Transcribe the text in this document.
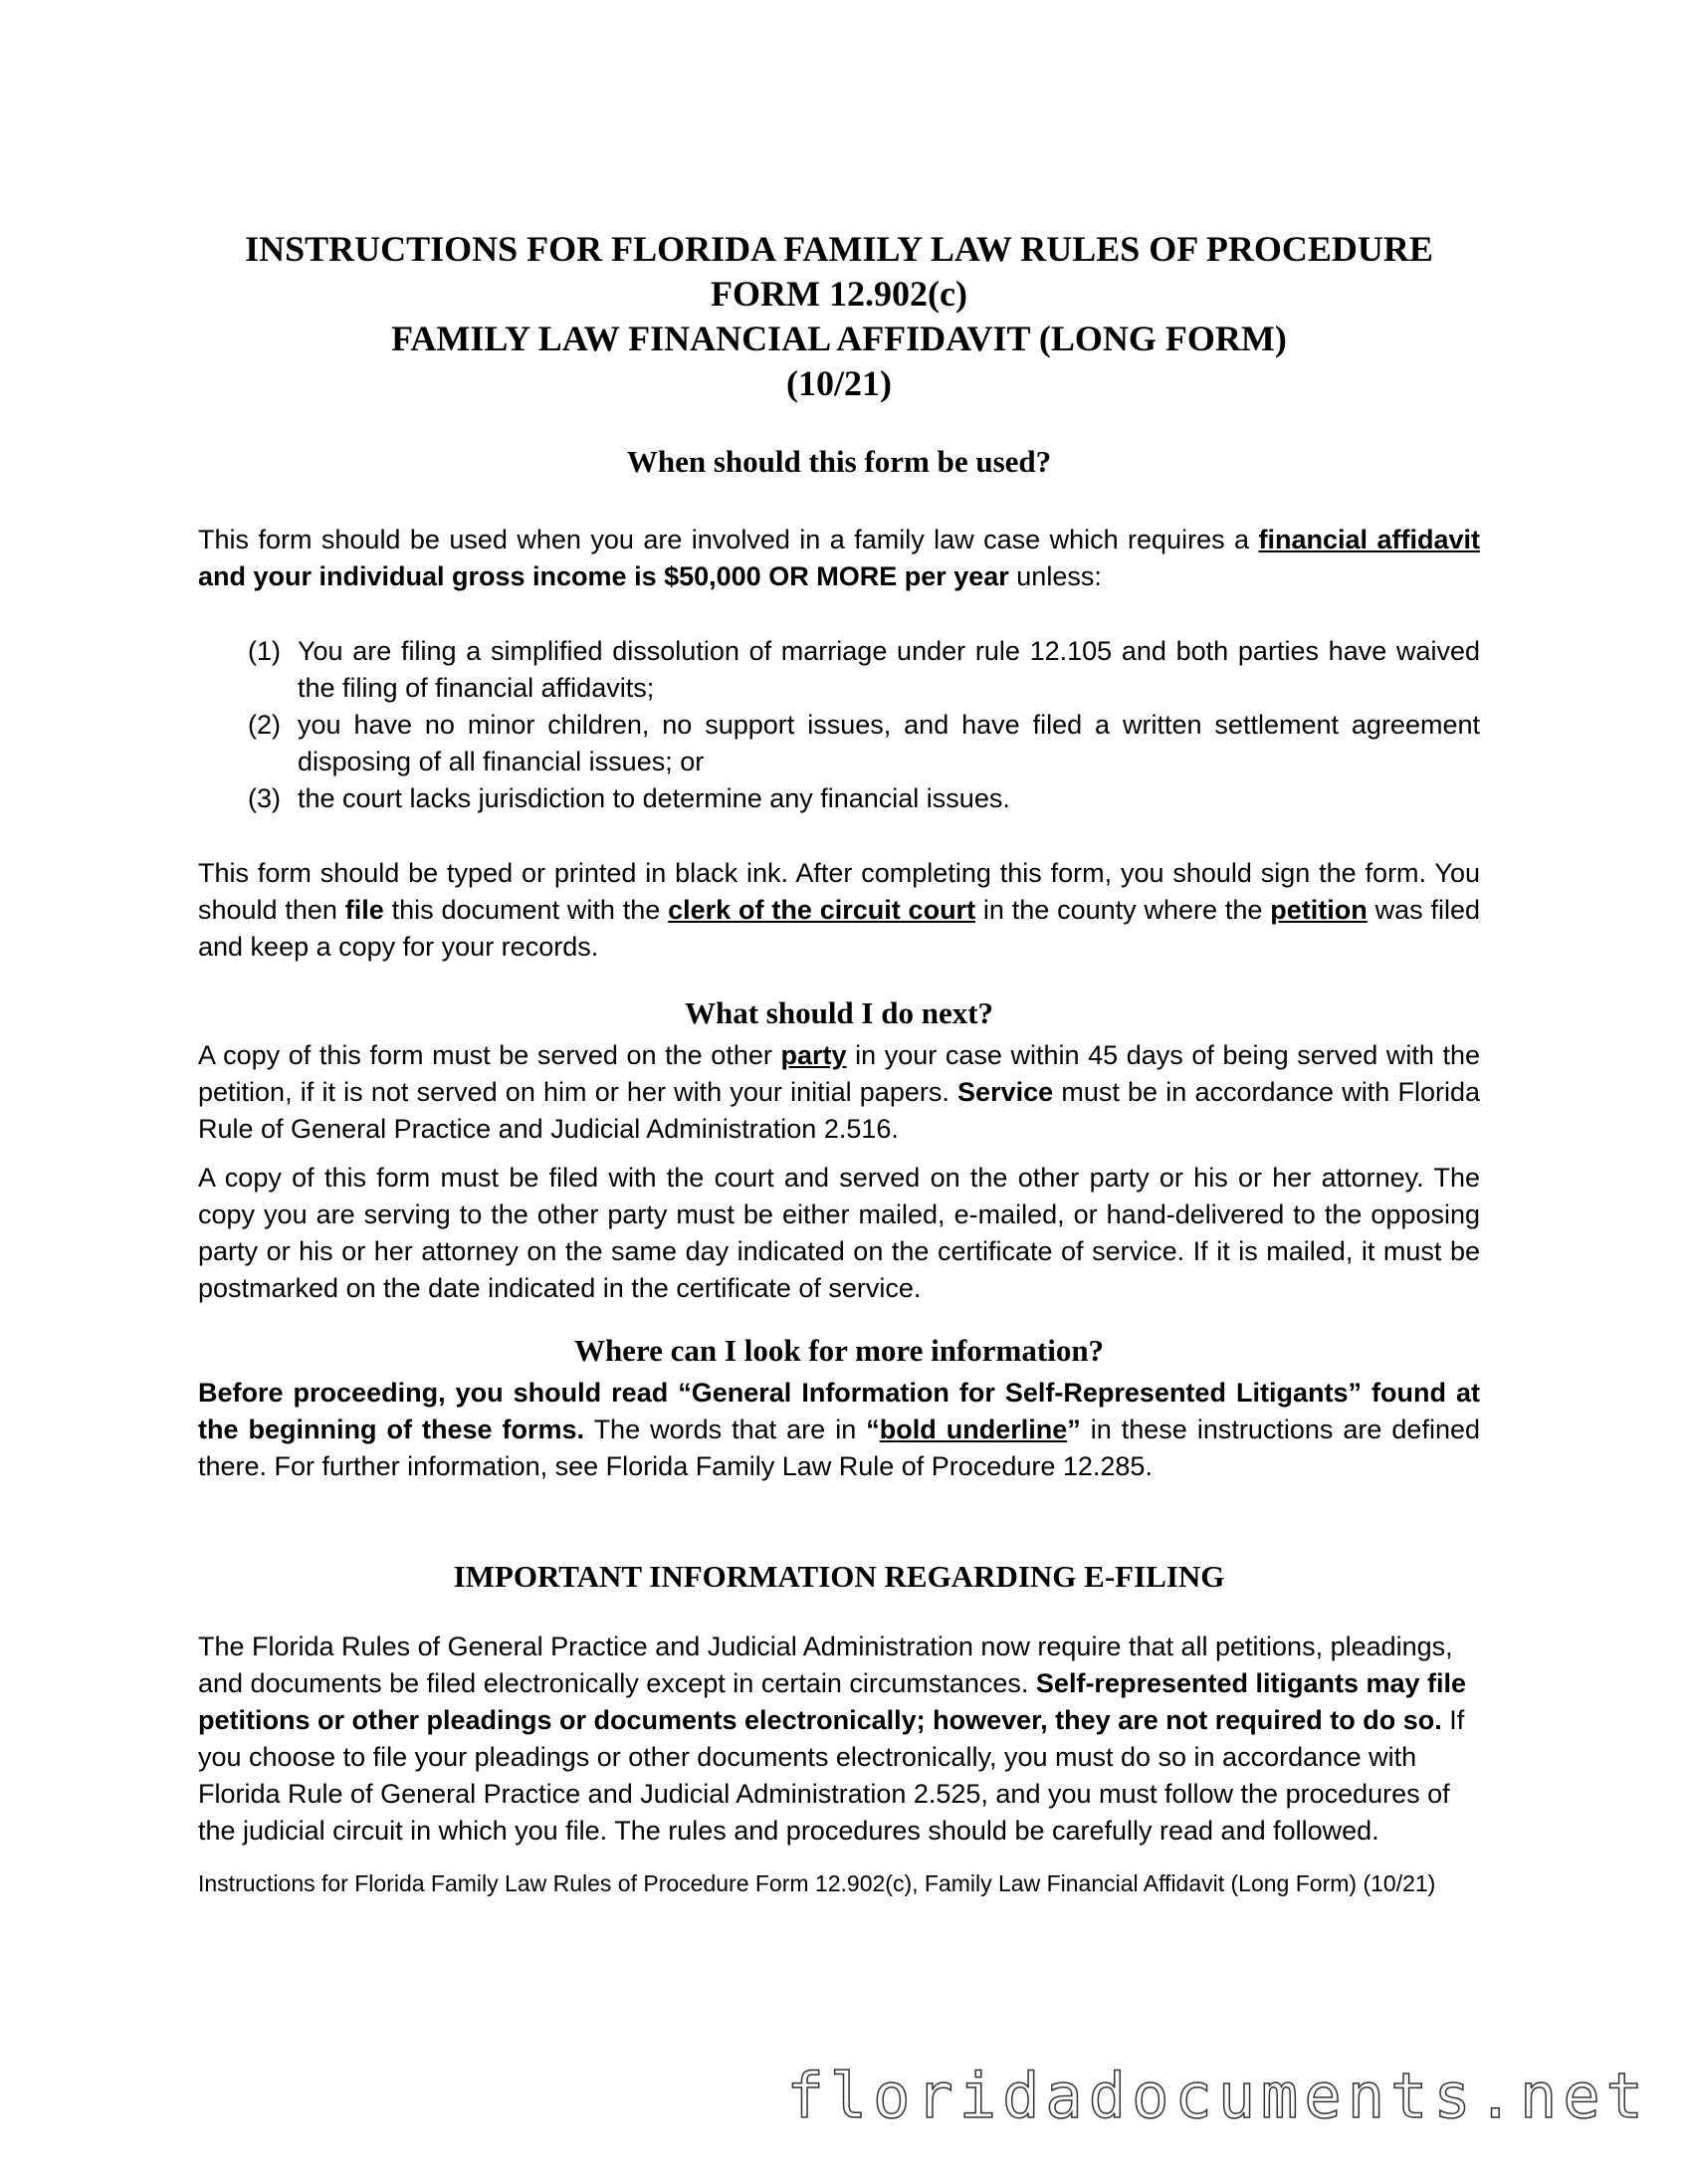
INSTRUCTIONS FOR FLORIDA FAMILY LAW RULES OF PROCEDURE

FORM 12.902(c)

FAMILY LAW FINANCIAL AFFIDAVIT (LONG FORM)

(10/21)

When should this form be used?

This form should be used when you are involved in a family law case which requires a financial affidavit and your individual gross income is $50,000 OR MORE per year unless:

(1) You are filing a simplified dissolution of marriage under rule 12.105 and both parties have waived the filing of financial affidavits;
(2) you have no minor children, no support issues, and have filed a written settlement agreement disposing of all financial issues; or
(3) the court lacks jurisdiction to determine any financial issues.

This form should be typed or printed in black ink. After completing this form, you should sign the form. You should then file this document with the clerk of the circuit court in the county where the petition was filed and keep a copy for your records.

What should I do next?

A copy of this form must be served on the other party in your case within 45 days of being served with the petition, if it is not served on him or her with your initial papers. Service must be in accordance with Florida Rule of General Practice and Judicial Administration 2.516.

A copy of this form must be filed with the court and served on the other party or his or her attorney. The copy you are serving to the other party must be either mailed, e-mailed, or hand-delivered to the opposing party or his or her attorney on the same day indicated on the certificate of service. If it is mailed, it must be postmarked on the date indicated in the certificate of service.

Where can I look for more information?

Before proceeding, you should read “General Information for Self-Represented Litigants” found at the beginning of these forms. The words that are in “bold underline” in these instructions are defined there. For further information, see Florida Family Law Rule of Procedure 12.285.

IMPORTANT INFORMATION REGARDING E-FILING

The Florida Rules of General Practice and Judicial Administration now require that all petitions, pleadings, and documents be filed electronically except in certain circumstances. Self-represented litigants may file petitions or other pleadings or documents electronically; however, they are not required to do so. If you choose to file your pleadings or other documents electronically, you must do so in accordance with Florida Rule of General Practice and Judicial Administration 2.525, and you must follow the procedures of the judicial circuit in which you file. The rules and procedures should be carefully read and followed.

Instructions for Florida Family Law Rules of Procedure Form 12.902(c), Family Law Financial Affidavit (Long Form) (10/21)

floridadocuments.net
